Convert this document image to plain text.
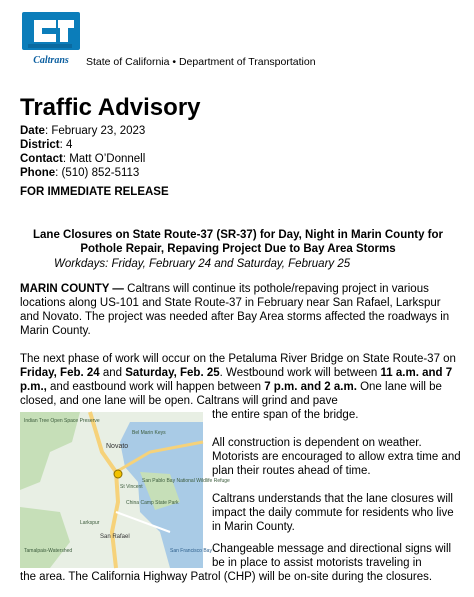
Caltrans State of California • Department of Transportation
Traffic Advisory
Date: February 23, 2023
District: 4
Contact: Matt O’Donnell
Phone: (510) 852-5113
FOR IMMEDIATE RELEASE
Lane Closures on State Route-37 (SR-37) for Day, Night in Marin County for
Pothole Repair, Repaving Project Due to Bay Area Storms
Workdays: Friday, February 24 and Saturday, February 25
MARIN COUNTY — Caltrans will continue its pothole/repaving project in various locations along US-101 and State Route-37 in February near San Rafael, Larkspur and Novato. The project was needed after Bay Area storms affected the roadways in Marin County.
The next phase of work will occur on the Petaluma River Bridge on State Route-37 on Friday, Feb. 24 and Saturday, Feb. 25. Westbound work will between 11 a.m. and 7 p.m., and eastbound work will happen between 7 p.m. and 2 a.m. One lane will be closed, and one lane will be open. Caltrans will grind and pave
Indian Tree Open Space Preserve
Bel Marin Keys
Novato
St Vincent
Larkspur
San Rafael
China Camp State Park
San Pablo Bay National Wildlife Refuge
San Francisco Bay
Tamalpais-Watershed
the entire span of the bridge.
All construction is dependent on weather. Motorists are encouraged to allow extra time and plan their routes ahead of time.
Caltrans understands that the lane closures will impact the daily commute for residents who live in Marin County.
Changeable message and directional signs will be in place to assist motorists traveling in
the area. The California Highway Patrol (CHP) will be on-site during the closures.
